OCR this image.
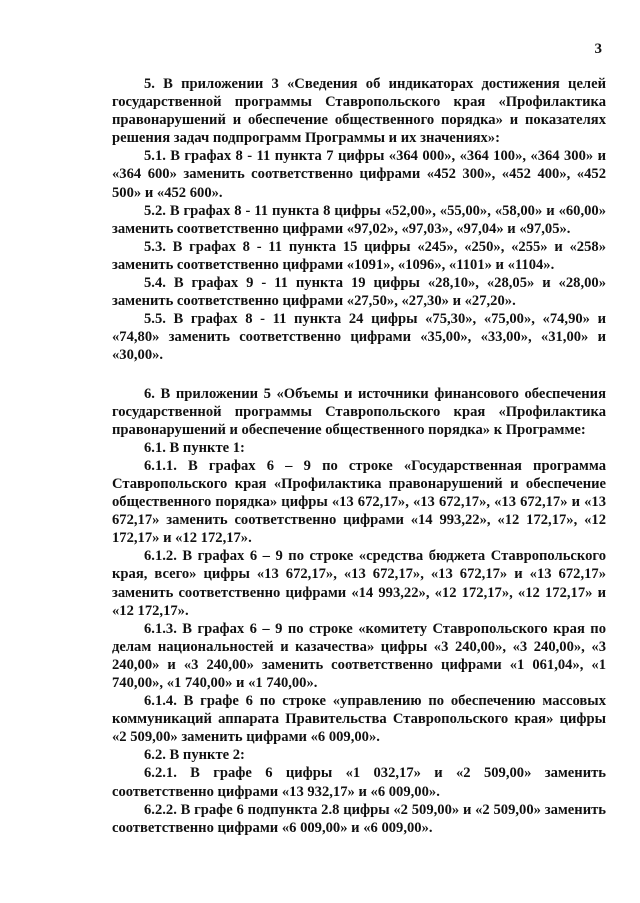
3

5. В приложении 3 «Сведения об индикаторах достижения целей государственной программы Ставропольского края «Профилактика правонарушений и обеспечение общественного порядка» и показателях решения задач подпрограмм Программы и их значениях»:

5.1. В графах 8 - 11 пункта 7 цифры «364 000», «364 100», «364 300» и «364 600» заменить соответственно цифрами «452 300», «452 400», «452 500» и «452 600».

5.2. В графах 8 - 11 пункта 8 цифры «52,00», «55,00», «58,00» и «60,00» заменить соответственно цифрами «97,02», «97,03», «97,04» и «97,05».

5.3. В графах 8 - 11 пункта 15 цифры «245», «250», «255» и «258» заменить соответственно цифрами «1091», «1096», «1101» и «1104».

5.4. В графах 9 - 11 пункта 19 цифры «28,10», «28,05» и «28,00» заменить соответственно цифрами «27,50», «27,30» и «27,20».

5.5. В графах 8 - 11 пункта 24 цифры «75,30», «75,00», «74,90» и «74,80» заменить соответственно цифрами «35,00», «33,00», «31,00» и «30,00».

6. В приложении 5 «Объемы и источники финансового обеспечения государственной программы Ставропольского края «Профилактика правонарушений и обеспечение общественного порядка» к Программе:

6.1. В пункте 1:

6.1.1. В графах 6 – 9 по строке «Государственная программа Ставропольского края «Профилактика правонарушений и обеспечение общественного порядка» цифры «13 672,17», «13 672,17», «13 672,17» и «13 672,17» заменить соответственно цифрами «14 993,22», «12 172,17», «12 172,17» и «12 172,17».

6.1.2. В графах 6 – 9 по строке «средства бюджета Ставропольского края, всего» цифры «13 672,17», «13 672,17», «13 672,17» и «13 672,17» заменить соответственно цифрами «14 993,22», «12 172,17», «12 172,17» и «12 172,17».

6.1.3. В графах 6 – 9 по строке «комитету Ставропольского края по делам национальностей и казачества» цифры «3 240,00», «3 240,00», «3 240,00» и «3 240,00» заменить соответственно цифрами «1 061,04», «1 740,00», «1 740,00» и «1 740,00».

6.1.4. В графе 6 по строке «управлению по обеспечению массовых коммуникаций аппарата Правительства Ставропольского края» цифры «2 509,00» заменить цифрами «6 009,00».

6.2. В пункте 2:

6.2.1. В графе 6 цифры «1 032,17» и «2 509,00» заменить соответственно цифрами «13 932,17» и «6 009,00».

6.2.2. В графе 6 подпункта 2.8 цифры «2 509,00» и «2 509,00» заменить соответственно цифрами «6 009,00» и «6 009,00».
